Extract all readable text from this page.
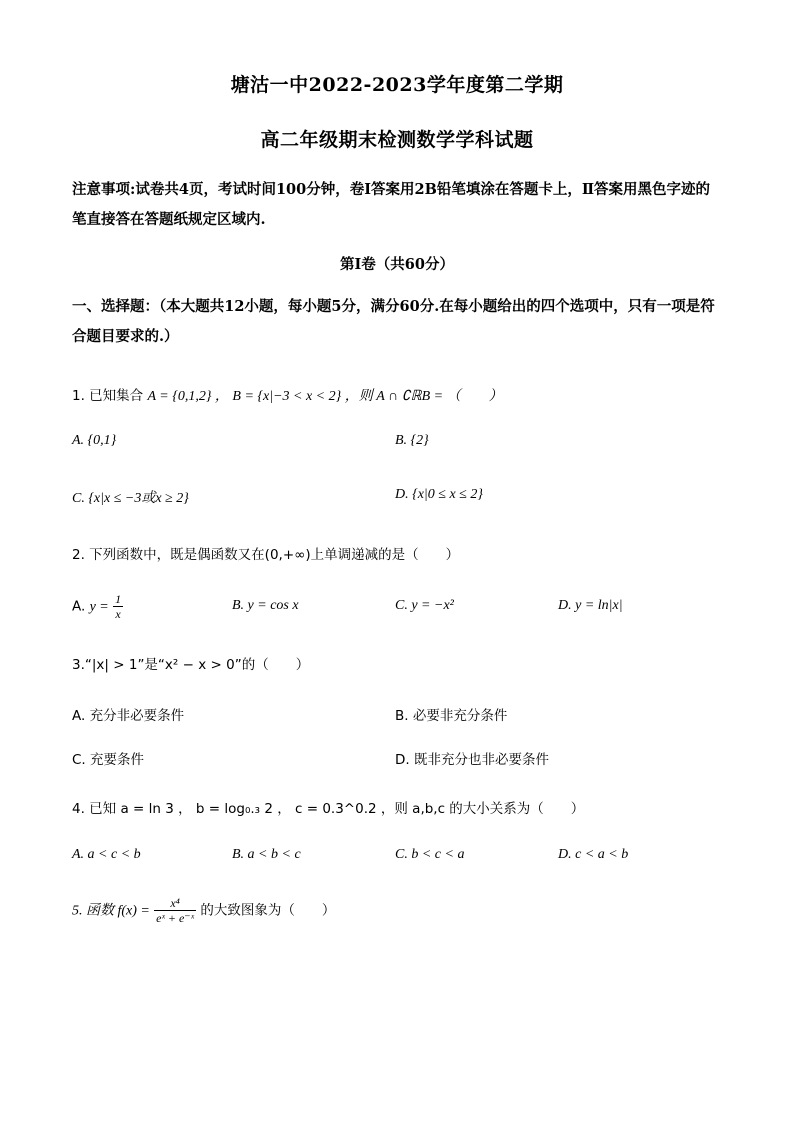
塘沽一中2022-2023学年度第二学期
高二年级期末检测数学学科试题
注意事项:试卷共4页，考试时间100分钟，卷Ⅰ答案用2B铅笔填涂在答题卡上，Ⅱ答案用黑色字迹的笔直接答在答题纸规定区域内.
第Ⅰ卷（共60分）
一、选择题：（本大题共12小题，每小题5分，满分60分.在每小题给出的四个选项中，只有一项是符合题目要求的.）
1. 已知集合 A = {0,1,2} ， B = {x|−3 < x < 2} ，则 A ∩ ∁ℝB = （　　）
A. {0,1}	B. {2}
C. {x|x ≤ −3或x ≥ 2}	D. {x|0 ≤ x ≤ 2}
2. 下列函数中，既是偶函数又在(0,+∞)上单调递减的是（　　）
A. $y = \frac{1}{x}$	B. y = cos x	C. y = −x²	D. y = ln|x|
3.“|x| > 1”是“x² − x > 0”的（　　）
A. 充分非必要条件	B. 必要非充分条件
C. 充要条件	D. 既非充分也非必要条件
4. 已知 a = ln 3 ， b = log₀.₃ 2 ， c = 0.3^0.2 ，则 a,b,c 的大小关系为（　　）
A. a < c < b	B. a < b < c	C. b < c < a	D. c < a < b
5. 函数 $f(x) = \frac{\text{x⁴}}{\text{eˣ + e⁻ˣ}}$ 的大致图象为（　　）
